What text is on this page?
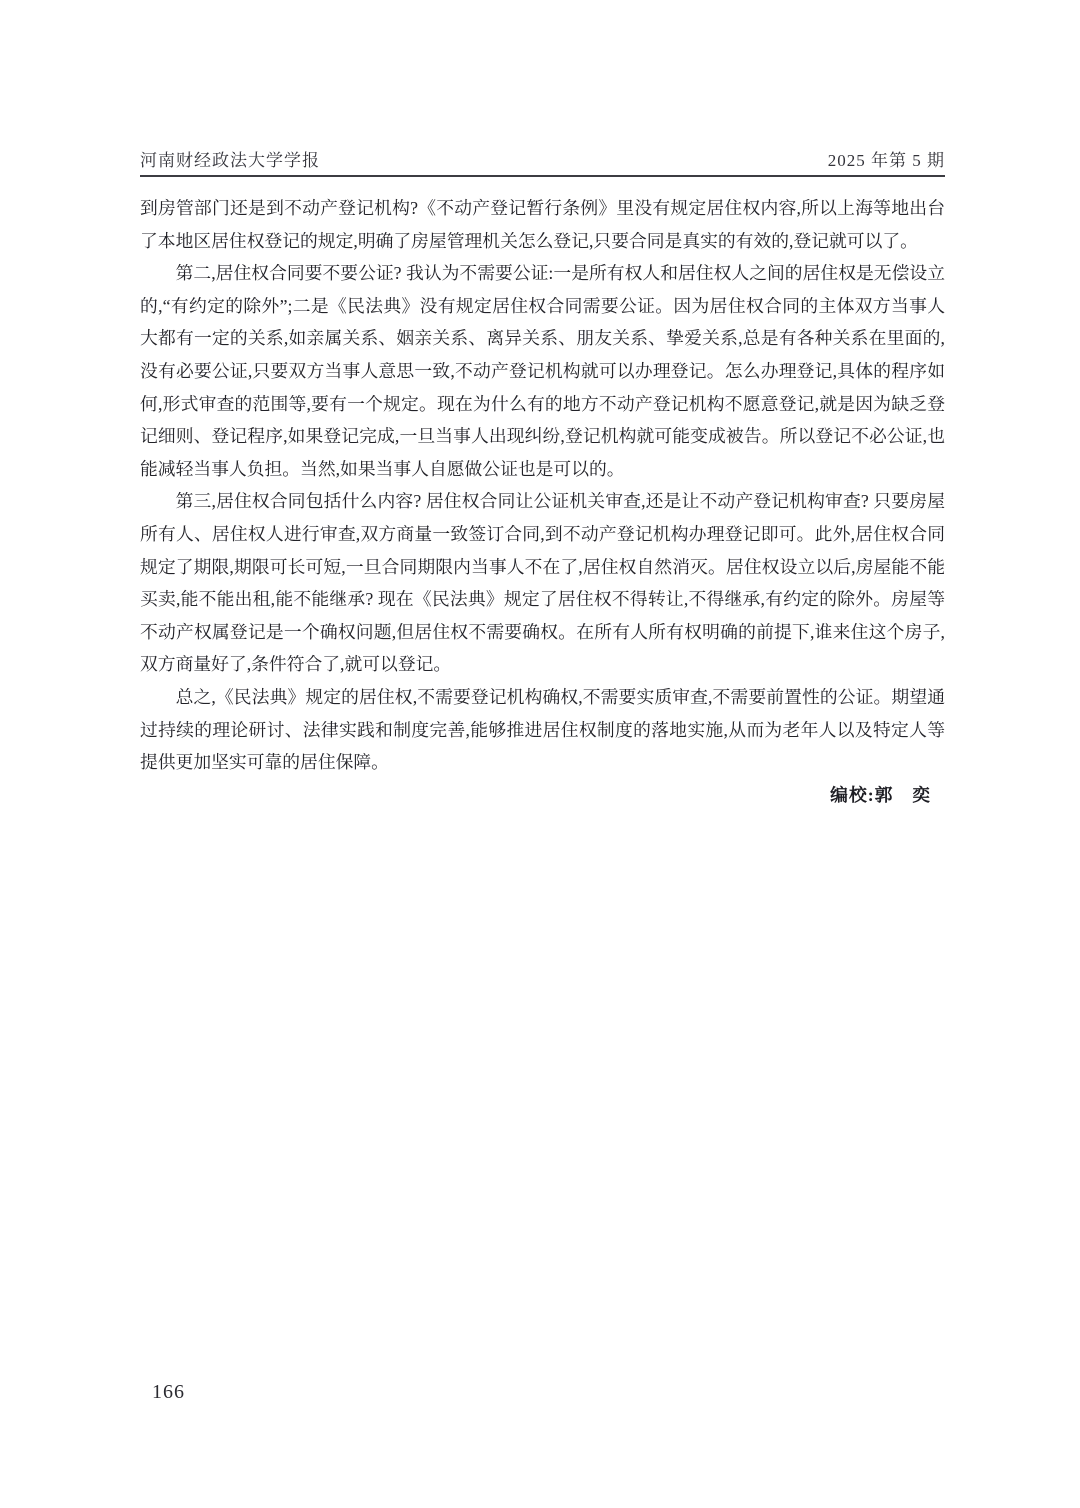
河南财经政法大学学报	2025 年第 5 期

到房管部门还是到不动产登记机构?《不动产登记暂行条例》里没有规定居住权内容,所以上海等地出台了本地区居住权登记的规定,明确了房屋管理机关怎么登记,只要合同是真实的有效的,登记就可以了。

第二,居住权合同要不要公证? 我认为不需要公证:一是所有权人和居住权人之间的居住权是无偿设立的,“有约定的除外”;二是《民法典》没有规定居住权合同需要公证。因为居住权合同的主体双方当事人大都有一定的关系,如亲属关系、姻亲关系、离异关系、朋友关系、挚爱关系,总是有各种关系在里面的,没有必要公证,只要双方当事人意思一致,不动产登记机构就可以办理登记。怎么办理登记,具体的程序如何,形式审查的范围等,要有一个规定。现在为什么有的地方不动产登记机构不愿意登记,就是因为缺乏登记细则、登记程序,如果登记完成,一旦当事人出现纠纷,登记机构就可能变成被告。所以登记不必公证,也能减轻当事人负担。当然,如果当事人自愿做公证也是可以的。

第三,居住权合同包括什么内容? 居住权合同让公证机关审查,还是让不动产登记机构审查? 只要房屋所有人、居住权人进行审查,双方商量一致签订合同,到不动产登记机构办理登记即可。此外,居住权合同规定了期限,期限可长可短,一旦合同期限内当事人不在了,居住权自然消灭。居住权设立以后,房屋能不能买卖,能不能出租,能不能继承? 现在《民法典》规定了居住权不得转让,不得继承,有约定的除外。房屋等不动产权属登记是一个确权问题,但居住权不需要确权。在所有人所有权明确的前提下,谁来住这个房子,双方商量好了,条件符合了,就可以登记。

总之,《民法典》规定的居住权,不需要登记机构确权,不需要实质审查,不需要前置性的公证。期望通过持续的理论研讨、法律实践和制度完善,能够推进居住权制度的落地实施,从而为老年人以及特定人等提供更加坚实可靠的居住保障。

编校:郭　奕

166
